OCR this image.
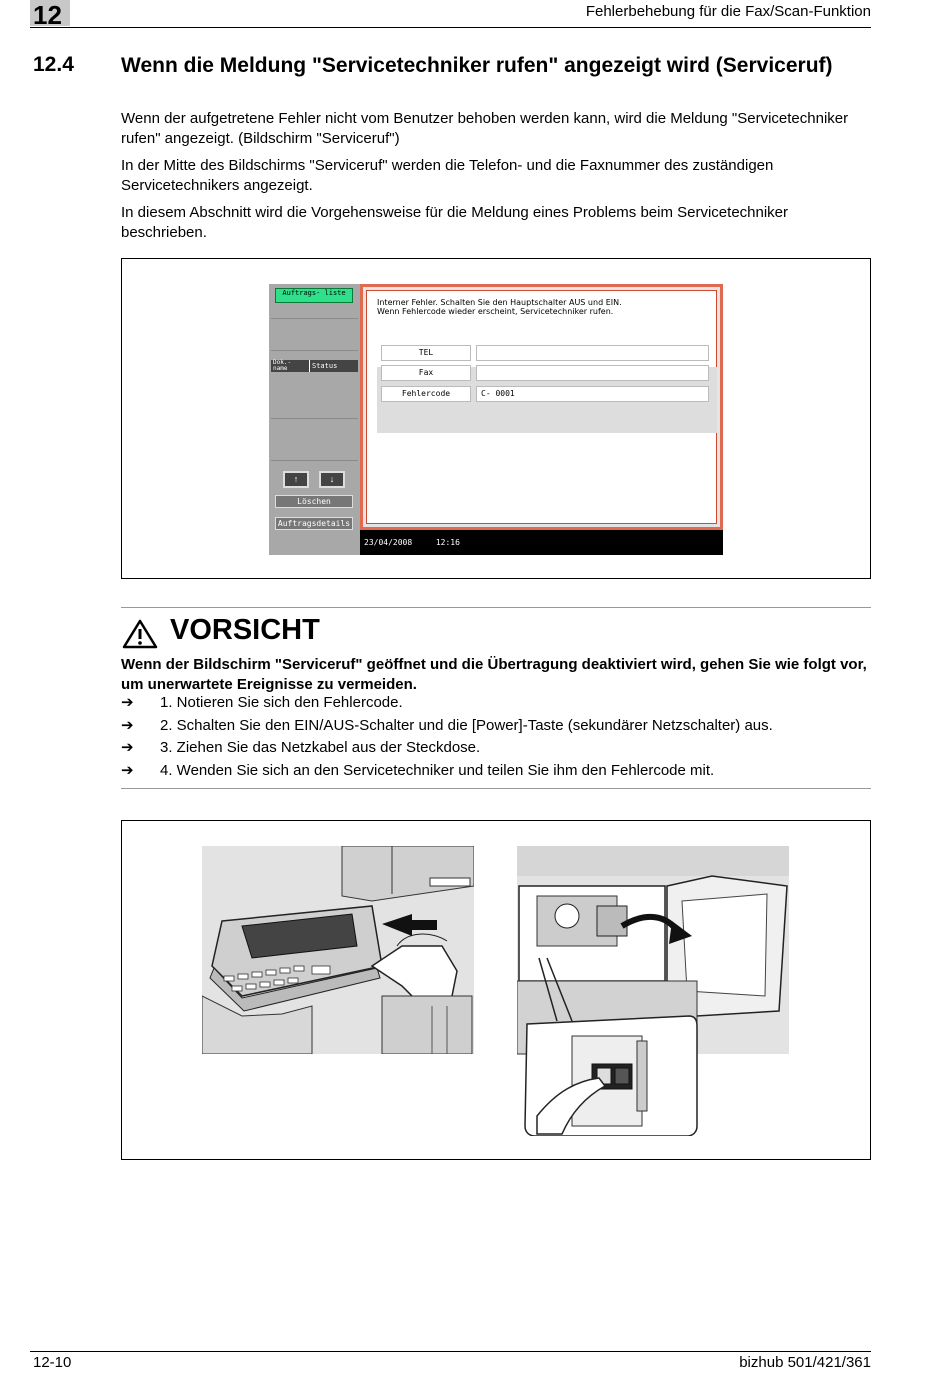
12	Fehlerbehebung für die Fax/Scan-Funktion
12.4 Wenn die Meldung "Servicetechniker rufen" angezeigt wird (Serviceruf)
Wenn der aufgetretene Fehler nicht vom Benutzer behoben werden kann, wird die Meldung "Servicetechniker rufen" angezeigt. (Bildschirm "Serviceruf")
In der Mitte des Bildschirms "Serviceruf" werden die Telefon- und die Faxnummer des zuständigen Servicetechnikers angezeigt.
In diesem Abschnitt wird die Vorgehensweise für die Meldung eines Problems beim Servicetechniker beschrieben.
Auftrags- liste
Dok.- name	Status
↑	↓
Löschen
Auftragsdetails
Interner Fehler. Schalten Sie den Hauptschalter AUS und EIN. Wenn Fehlercode wieder erscheint, Servicetechniker rufen.
TEL
Fax
Fehlercode	C- 0001
23/04/2008	12:16
VORSICHT
Wenn der Bildschirm "Serviceruf" geöffnet und die Übertragung deaktiviert wird, gehen Sie wie folgt vor, um unerwartete Ereignisse zu vermeiden.
➔ 1. Notieren Sie sich den Fehlercode.
➔ 2. Schalten Sie den EIN/AUS-Schalter und die [Power]-Taste (sekundärer Netzschalter) aus.
➔ 3. Ziehen Sie das Netzkabel aus der Steckdose.
➔ 4. Wenden Sie sich an den Servicetechniker und teilen Sie ihm den Fehlercode mit.
12-10	bizhub 501/421/361
